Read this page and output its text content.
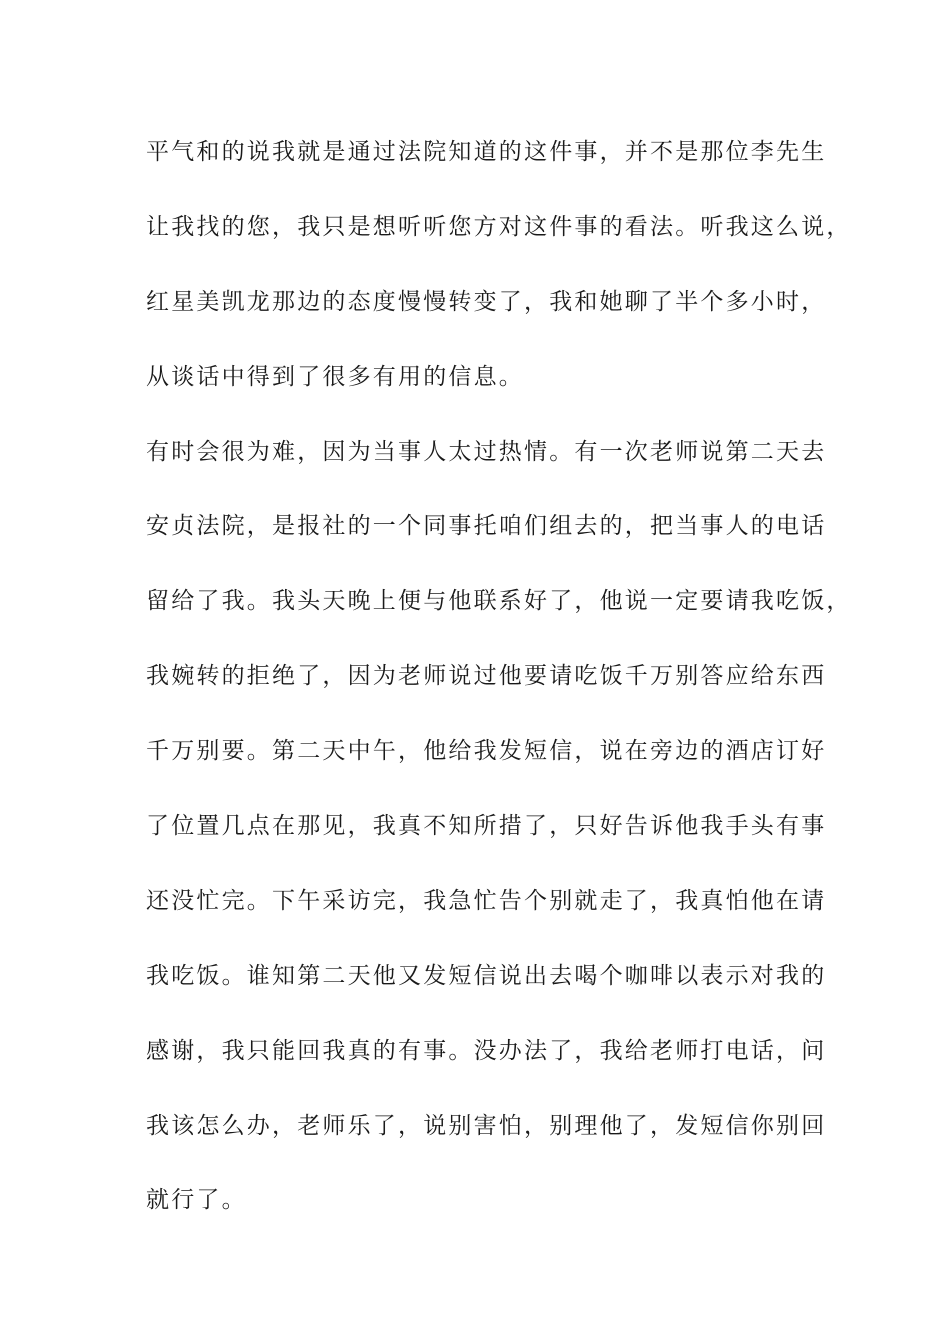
平气和的说我就是通过法院知道的这件事，并不是那位李先生
让我找的您，我只是想听听您方对这件事的看法。听我这么说，
红星美凯龙那边的态度慢慢转变了，我和她聊了半个多小时，
从谈话中得到了很多有用的信息。
有时会很为难，因为当事人太过热情。有一次老师说第二天去
安贞法院，是报社的一个同事托咱们组去的，把当事人的电话
留给了我。我头天晚上便与他联系好了，他说一定要请我吃饭，
我婉转的拒绝了，因为老师说过他要请吃饭千万别答应给东西
千万别要。第二天中午，他给我发短信，说在旁边的酒店订好
了位置几点在那见，我真不知所措了，只好告诉他我手头有事
还没忙完。下午采访完，我急忙告个别就走了，我真怕他在请
我吃饭。谁知第二天他又发短信说出去喝个咖啡以表示对我的
感谢，我只能回我真的有事。没办法了，我给老师打电话，问
我该怎么办，老师乐了，说别害怕，别理他了，发短信你别回
就行了。
